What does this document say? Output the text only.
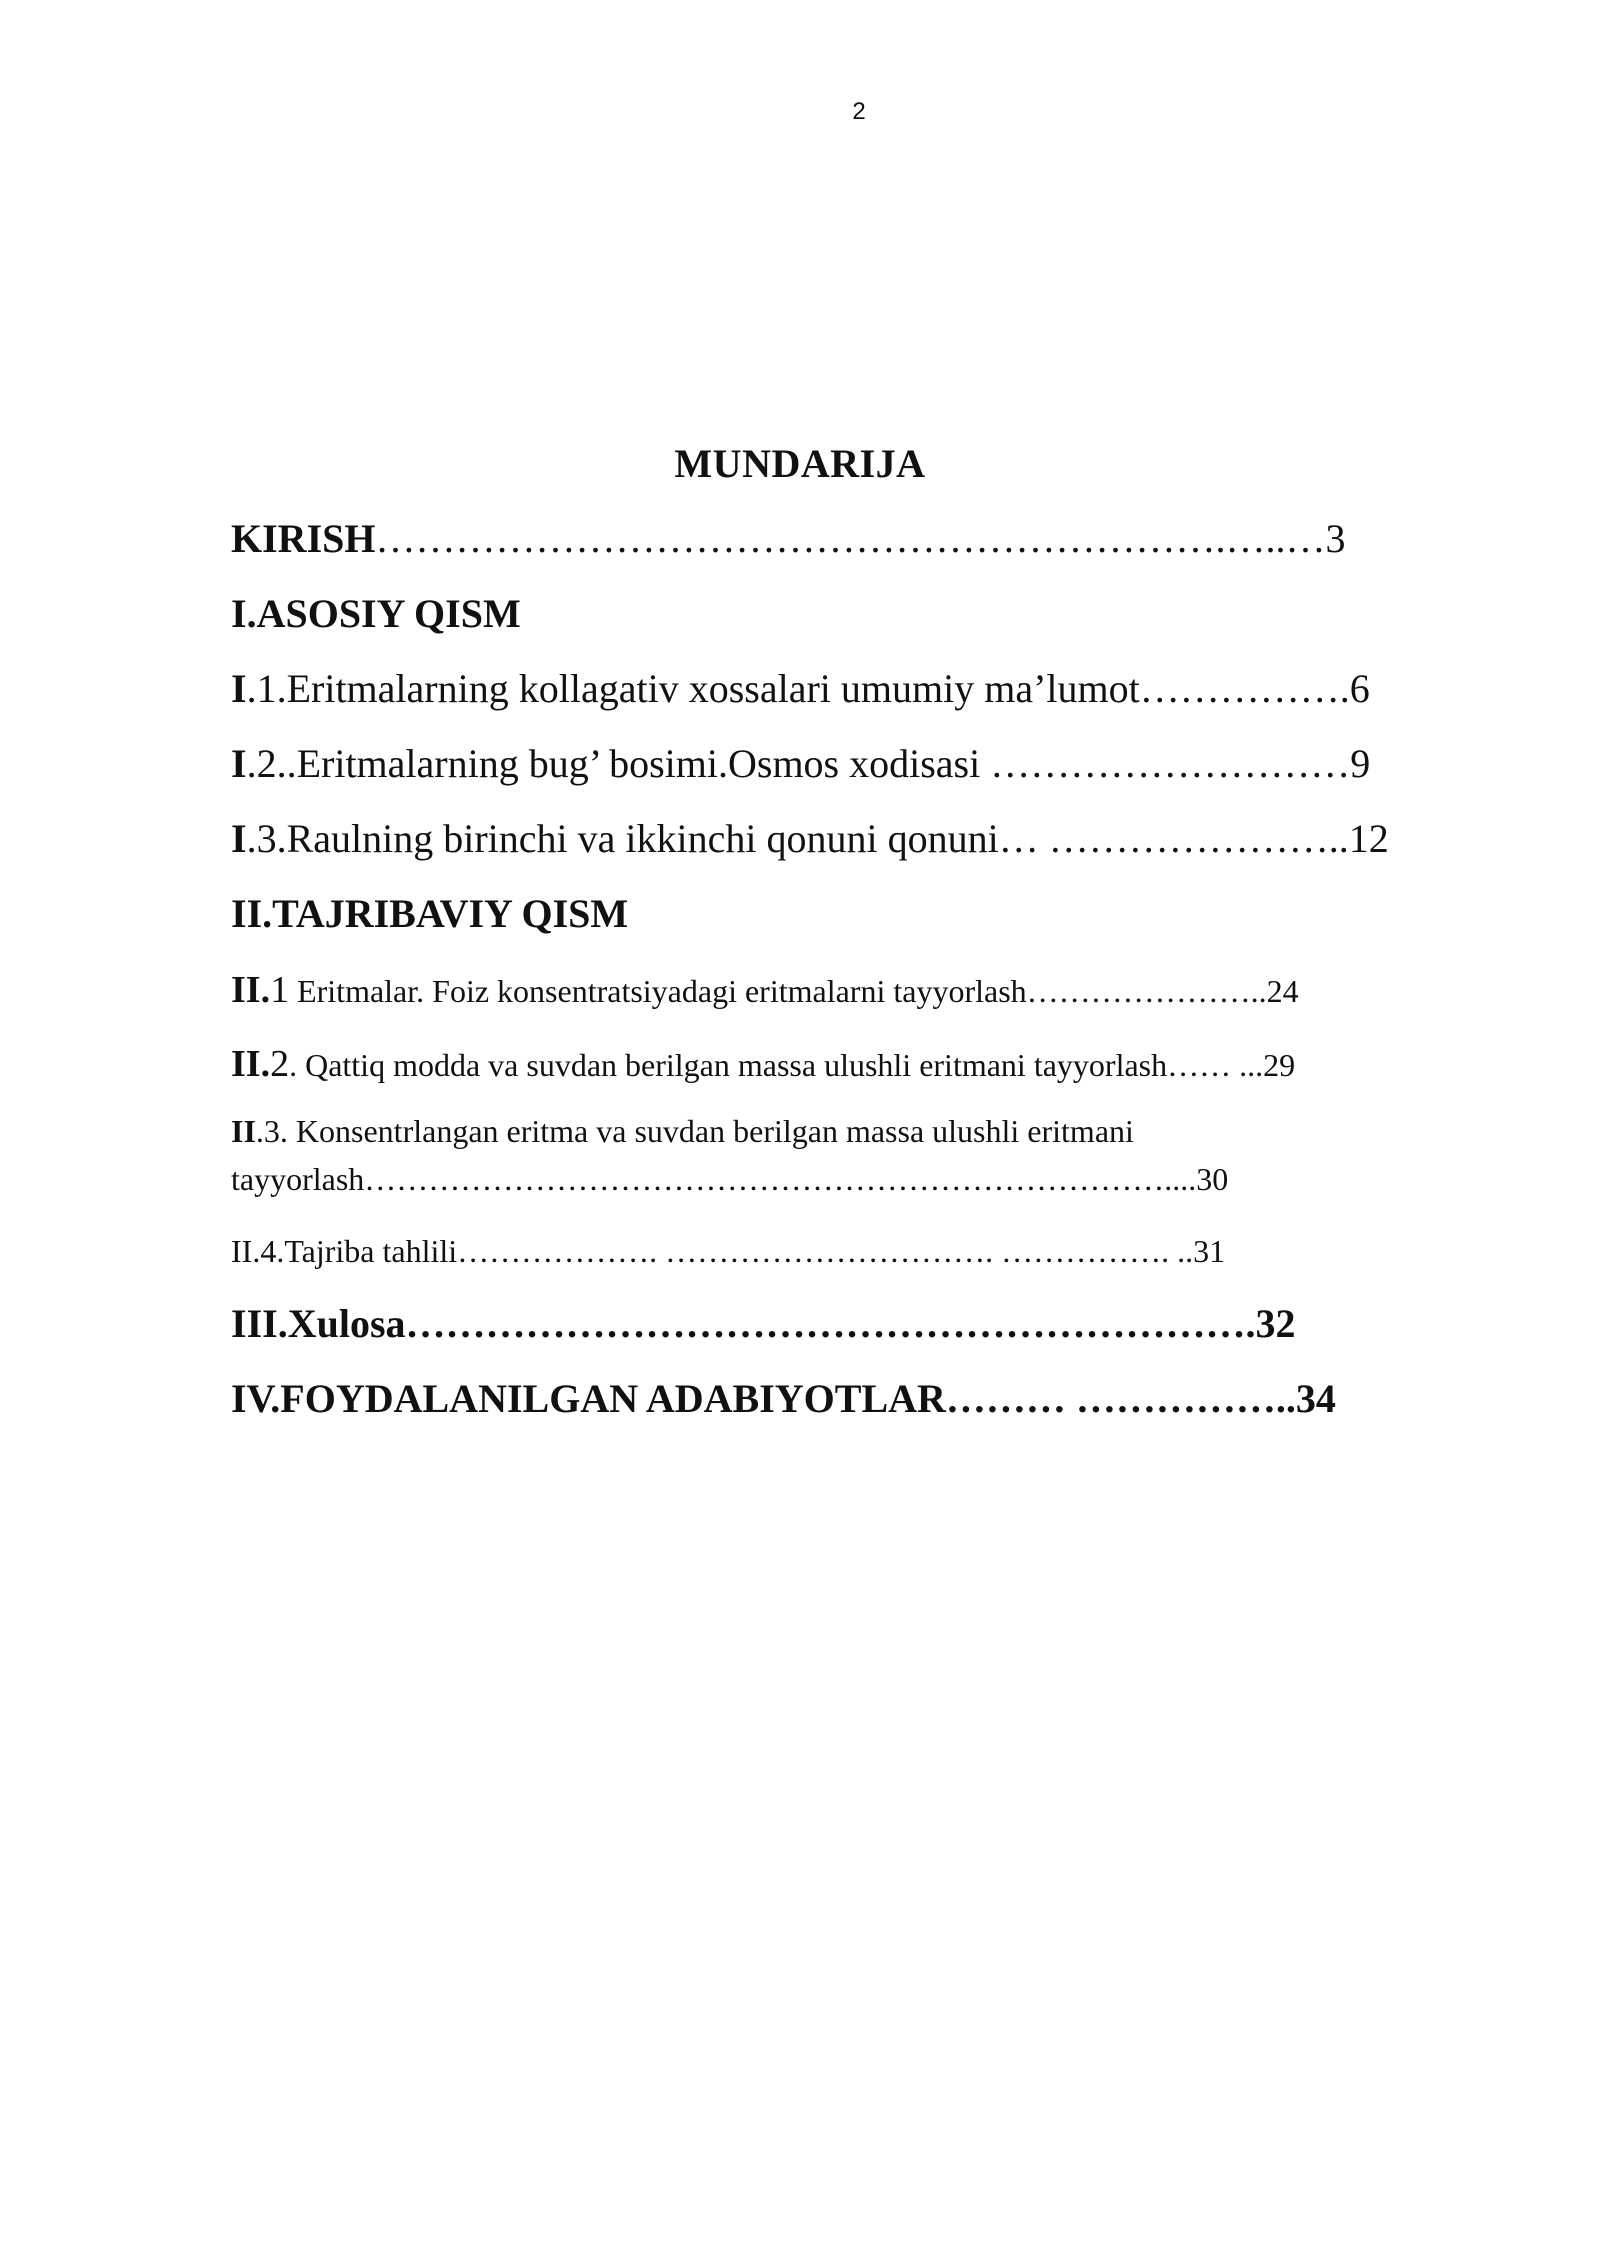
2
MUNDARIJA
KIRISH……………………………………………………….…..…3
I.ASOSIY QISM
I.1.Eritmalarning kollagativ xossalari umumiy ma’lumot…………….6
I.2..Eritmalarning bug’ bosimi.Osmos xodisasi ………………………9
I.3.Raulning birinchi va ikkinchi qonuni qonuni… …………………..12
II.TAJRIBAVIY QISM
II.1 Eritmalar. Foiz konsentratsiyadagi eritmalarni tayyorlash…………………..24
II.2. Qattiq modda va suvdan berilgan massa ulushli eritmani tayyorlash…… ...29
II.3. Konsentrlangan eritma va suvdan berilgan massa ulushli eritmani
tayyorlash…………………………………………………………………....30
II.4.Tajriba tahlili………………. …………………………. ……………. ..31
III.Xulosa……………………………………………………….32
IV.FOYDALANILGAN ADABIYOTLAR……… ……………..34
